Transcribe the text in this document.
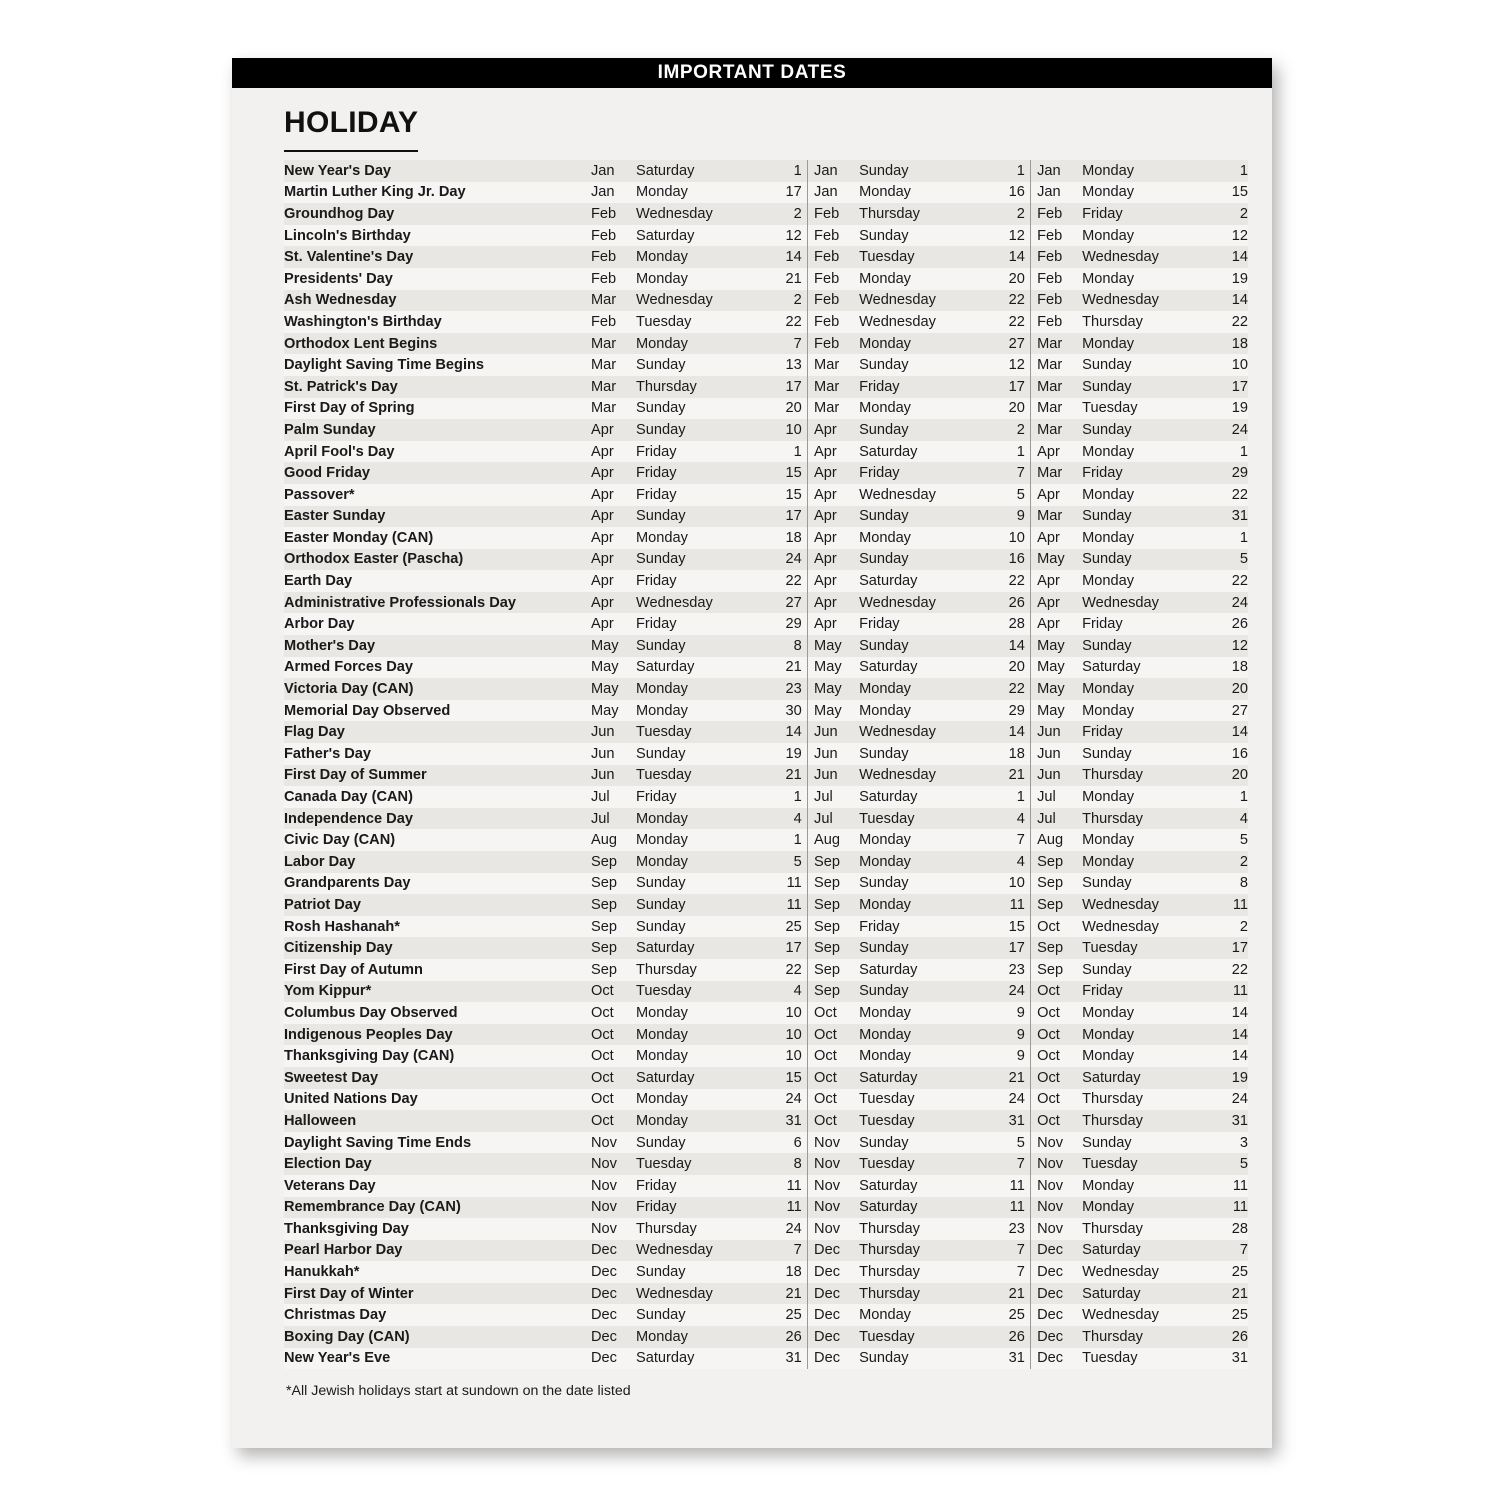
IMPORTANT DATES
HOLIDAY
New Year's Day	Jan	Saturday	1		Jan	Sunday	1		Jan	Monday	1
Martin Luther King Jr. Day	Jan	Monday	17		Jan	Monday	16		Jan	Monday	15
Groundhog Day	Feb	Wednesday	2		Feb	Thursday	2		Feb	Friday	2
Lincoln's Birthday	Feb	Saturday	12		Feb	Sunday	12		Feb	Monday	12
St. Valentine's Day	Feb	Monday	14		Feb	Tuesday	14		Feb	Wednesday	14
Presidents' Day	Feb	Monday	21		Feb	Monday	20		Feb	Monday	19
Ash Wednesday	Mar	Wednesday	2		Feb	Wednesday	22		Feb	Wednesday	14
Washington's Birthday	Feb	Tuesday	22		Feb	Wednesday	22		Feb	Thursday	22
Orthodox Lent Begins	Mar	Monday	7		Feb	Monday	27		Mar	Monday	18
Daylight Saving Time Begins	Mar	Sunday	13		Mar	Sunday	12		Mar	Sunday	10
St. Patrick's Day	Mar	Thursday	17		Mar	Friday	17		Mar	Sunday	17
First Day of Spring	Mar	Sunday	20		Mar	Monday	20		Mar	Tuesday	19
Palm Sunday	Apr	Sunday	10		Apr	Sunday	2		Mar	Sunday	24
April Fool's Day	Apr	Friday	1		Apr	Saturday	1		Apr	Monday	1
Good Friday	Apr	Friday	15		Apr	Friday	7		Mar	Friday	29
Passover*	Apr	Friday	15		Apr	Wednesday	5		Apr	Monday	22
Easter Sunday	Apr	Sunday	17		Apr	Sunday	9		Mar	Sunday	31
Easter Monday (CAN)	Apr	Monday	18		Apr	Monday	10		Apr	Monday	1
Orthodox Easter (Pascha)	Apr	Sunday	24		Apr	Sunday	16		May	Sunday	5
Earth Day	Apr	Friday	22		Apr	Saturday	22		Apr	Monday	22
Administrative Professionals Day	Apr	Wednesday	27		Apr	Wednesday	26		Apr	Wednesday	24
Arbor Day	Apr	Friday	29		Apr	Friday	28		Apr	Friday	26
Mother's Day	May	Sunday	8		May	Sunday	14		May	Sunday	12
Armed Forces Day	May	Saturday	21		May	Saturday	20		May	Saturday	18
Victoria Day (CAN)	May	Monday	23		May	Monday	22		May	Monday	20
Memorial Day Observed	May	Monday	30		May	Monday	29		May	Monday	27
Flag Day	Jun	Tuesday	14		Jun	Wednesday	14		Jun	Friday	14
Father's Day	Jun	Sunday	19		Jun	Sunday	18		Jun	Sunday	16
First Day of Summer	Jun	Tuesday	21		Jun	Wednesday	21		Jun	Thursday	20
Canada Day (CAN)	Jul	Friday	1		Jul	Saturday	1		Jul	Monday	1
Independence Day	Jul	Monday	4		Jul	Tuesday	4		Jul	Thursday	4
Civic Day (CAN)	Aug	Monday	1		Aug	Monday	7		Aug	Monday	5
Labor Day	Sep	Monday	5		Sep	Monday	4		Sep	Monday	2
Grandparents Day	Sep	Sunday	11		Sep	Sunday	10		Sep	Sunday	8
Patriot Day	Sep	Sunday	11		Sep	Monday	11		Sep	Wednesday	11
Rosh Hashanah*	Sep	Sunday	25		Sep	Friday	15		Oct	Wednesday	2
Citizenship Day	Sep	Saturday	17		Sep	Sunday	17		Sep	Tuesday	17
First Day of Autumn	Sep	Thursday	22		Sep	Saturday	23		Sep	Sunday	22
Yom Kippur*	Oct	Tuesday	4		Sep	Sunday	24		Oct	Friday	11
Columbus Day Observed	Oct	Monday	10		Oct	Monday	9		Oct	Monday	14
Indigenous Peoples Day	Oct	Monday	10		Oct	Monday	9		Oct	Monday	14
Thanksgiving Day (CAN)	Oct	Monday	10		Oct	Monday	9		Oct	Monday	14
Sweetest Day	Oct	Saturday	15		Oct	Saturday	21		Oct	Saturday	19
United Nations Day	Oct	Monday	24		Oct	Tuesday	24		Oct	Thursday	24
Halloween	Oct	Monday	31		Oct	Tuesday	31		Oct	Thursday	31
Daylight Saving Time Ends	Nov	Sunday	6		Nov	Sunday	5		Nov	Sunday	3
Election Day	Nov	Tuesday	8		Nov	Tuesday	7		Nov	Tuesday	5
Veterans Day	Nov	Friday	11		Nov	Saturday	11		Nov	Monday	11
Remembrance Day (CAN)	Nov	Friday	11		Nov	Saturday	11		Nov	Monday	11
Thanksgiving Day	Nov	Thursday	24		Nov	Thursday	23		Nov	Thursday	28
Pearl Harbor Day	Dec	Wednesday	7		Dec	Thursday	7		Dec	Saturday	7
Hanukkah*	Dec	Sunday	18		Dec	Thursday	7		Dec	Wednesday	25
First Day of Winter	Dec	Wednesday	21		Dec	Thursday	21		Dec	Saturday	21
Christmas Day	Dec	Sunday	25		Dec	Monday	25		Dec	Wednesday	25
Boxing Day (CAN)	Dec	Monday	26		Dec	Tuesday	26		Dec	Thursday	26
New Year's Eve	Dec	Saturday	31		Dec	Sunday	31		Dec	Tuesday	31
*All Jewish holidays start at sundown on the date listed
